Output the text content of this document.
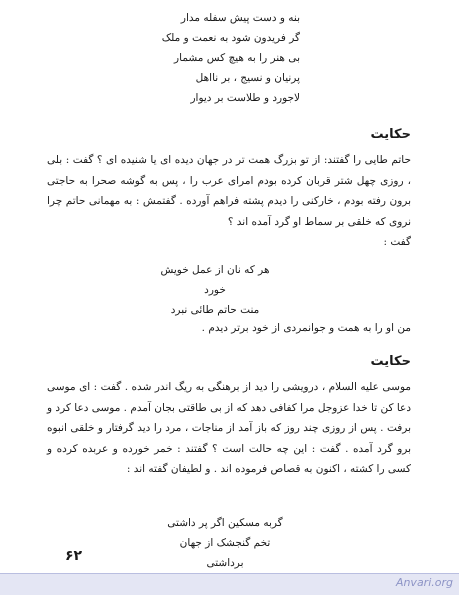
بنه و دست پیش سفله مدار
گر فریدون شود به نعمت و ملک
بی هنر را به هیچ کس مشمار
پرنیان و نسیج ، بر نااهل
لاجورد و طلاست بر دیوار
حکایت
حاتم طایی را گفتند: از تو بزرگ همت تر در جهان دیده ای یا شنیده ای ؟ گفت : بلی ، روزی چهل شتر قربان کرده بودم امرای عرب را ، پس به گوشه صحرا به حاجتی برون رفته بودم ، خارکنی را دیدم پشته فراهم آورده . گفتمش : به مهمانی حاتم چرا نروی که خلقی بر سماط او گرد آمده اند ؟
گفت :
هر که نان از عمل خویش خورد
منت حاتم طائی نبرد
من او را به همت و جوانمردی از خود برتر دیدم .
حکایت
موسی علیه السلام ، درویشی را دید از برهنگی به ریگ اندر شده . گفت : ای موسی دعا کن تا خدا عزوجل مرا کفافی دهد که از بی طاقتی بجان آمدم . موسی دعا کرد و برفت . پس از روزی چند روز که باز آمد از مناجات ، مرد را دید گرفتار و خلقی انبوه برو گرد آمده . گفت : این چه حالت است ؟ گفتند : خمر خورده و عربده کرده و کسی را کشته ، اکنون به قصاص فرموده اند . و لطیفان گفته اند :
گربه مسکین اگر پر داشتی
تخم گنجشک از جهان برداشتی
۶۲
Anvari.org
